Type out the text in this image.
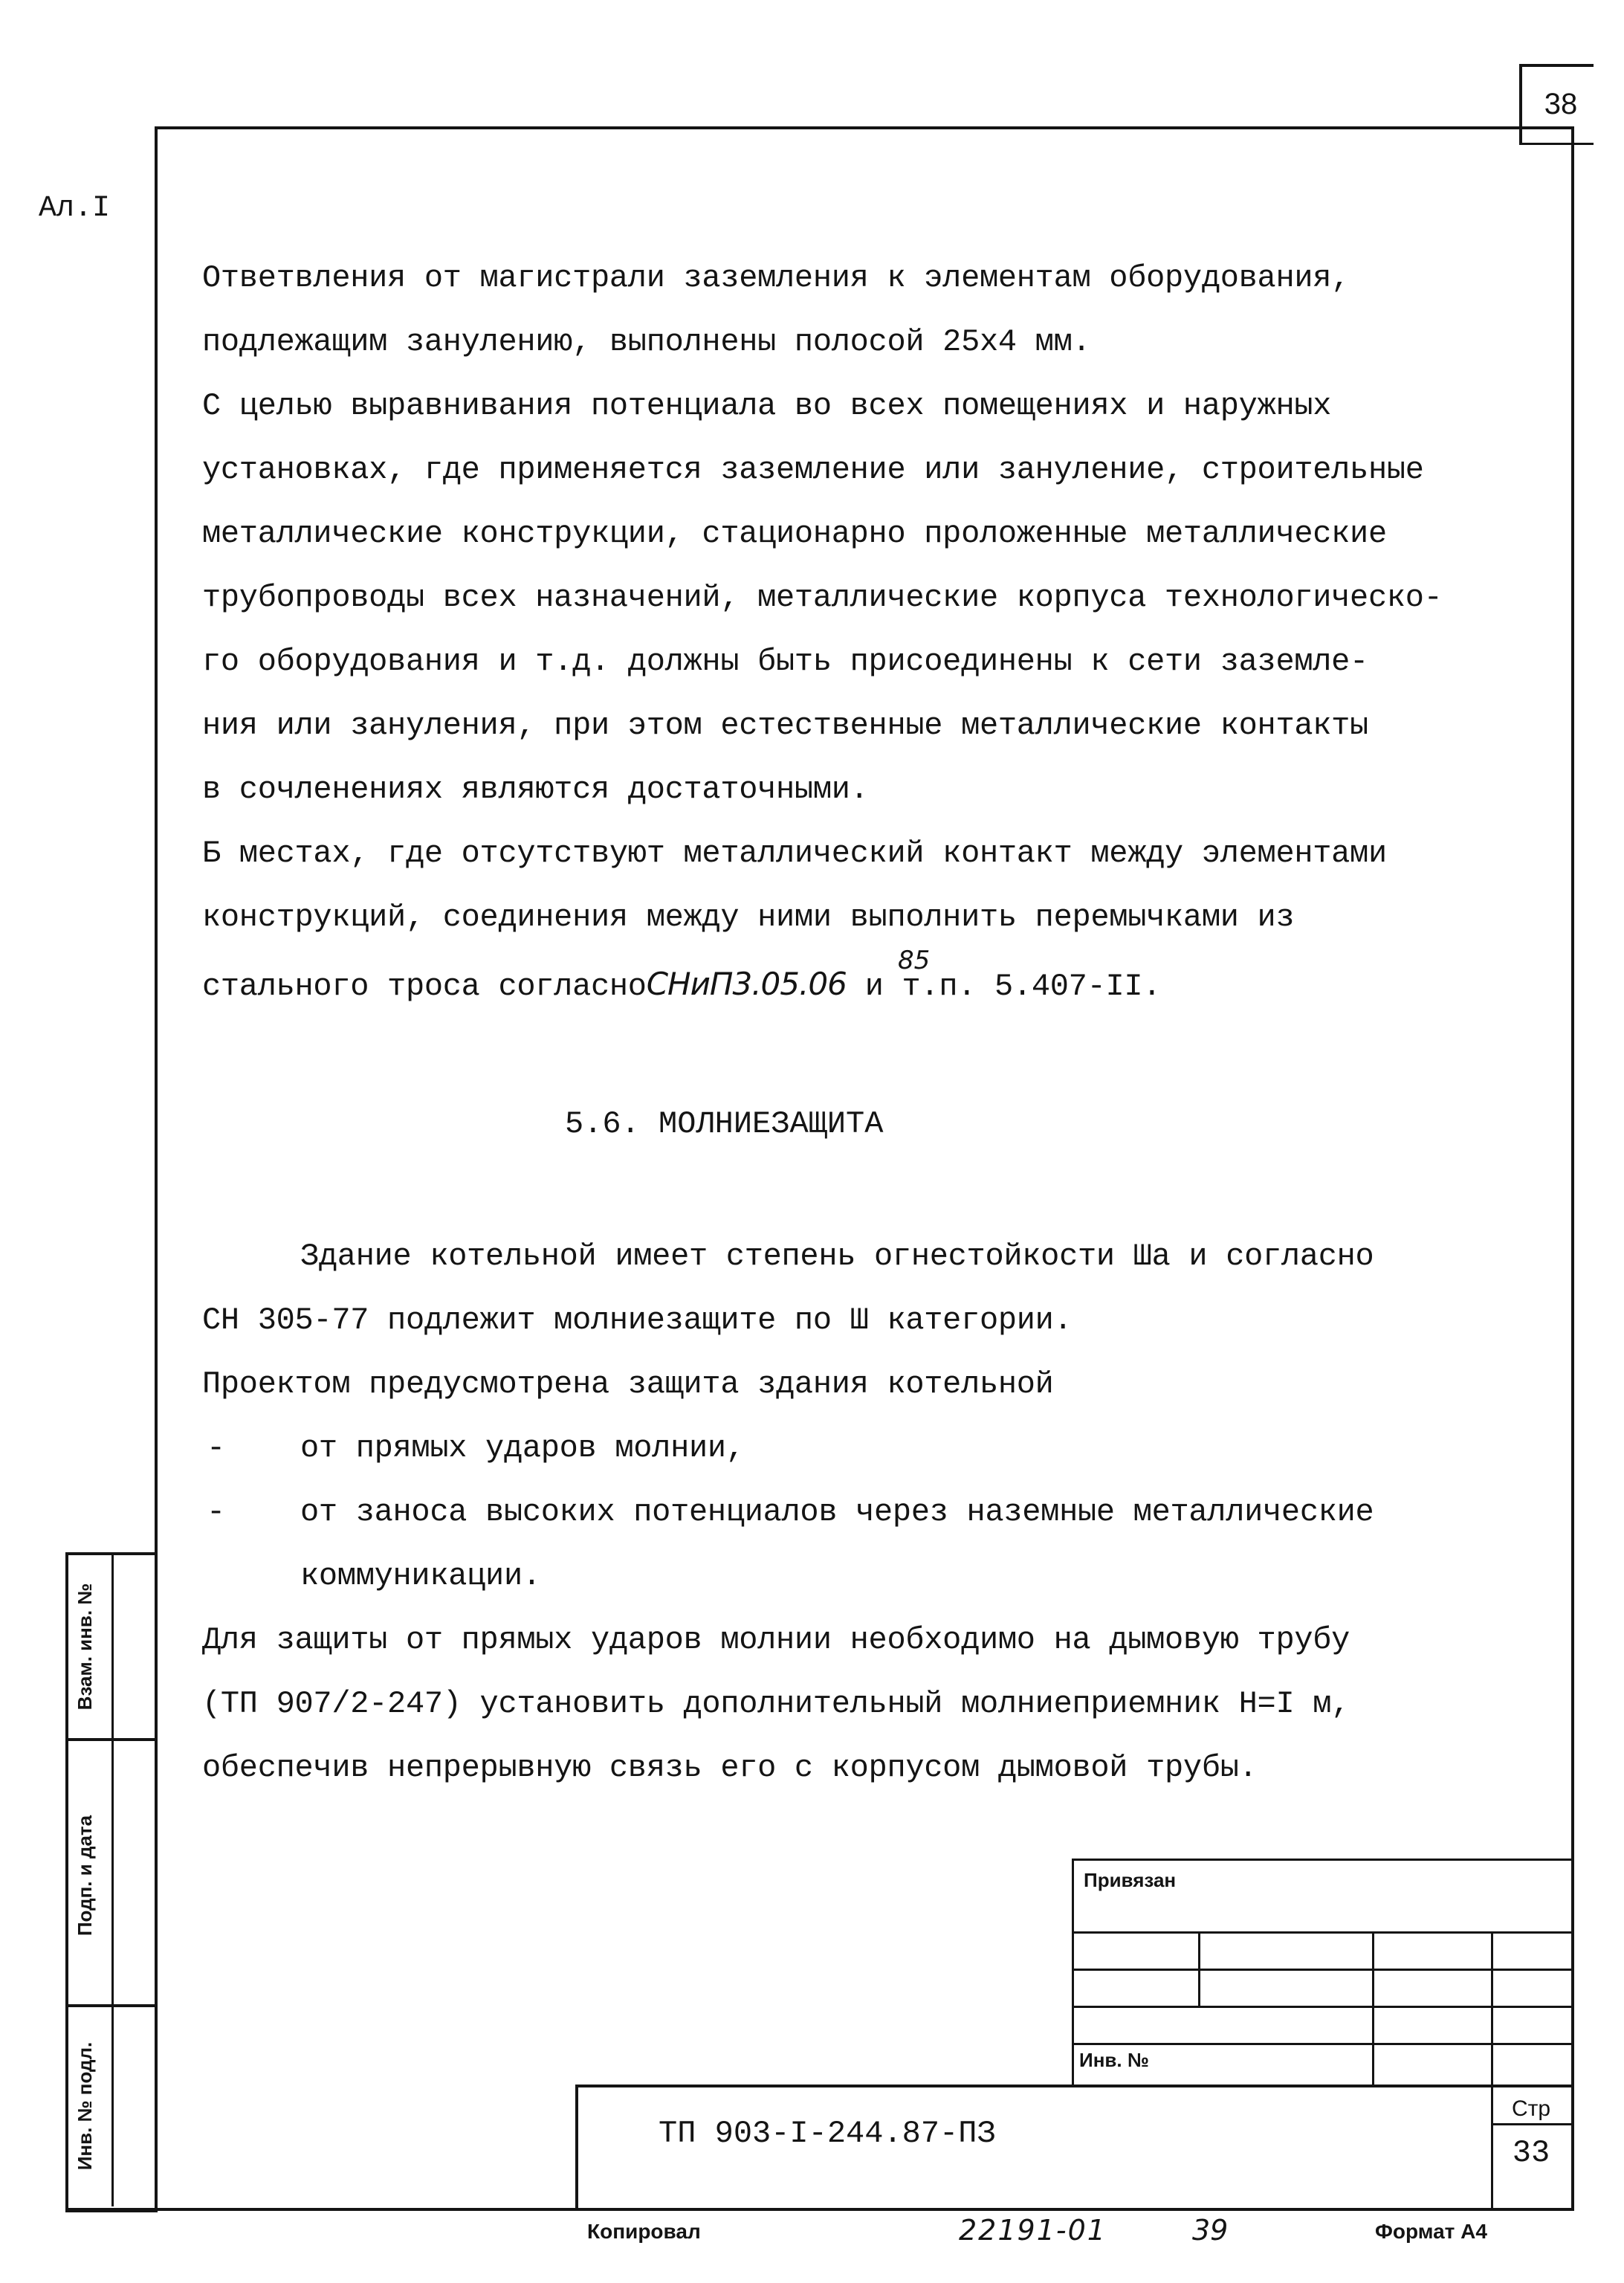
38
Ал.I
Ответвления от магистрали заземления к элементам оборудования,
подлежащим занулению, выполнены полосой 25х4 мм.
С целью выравнивания потенциала во всех помещениях и наружных
установках, где применяется заземление или зануление, строительные
металлические конструкции, стационарно проложенные металлические
трубопроводы всех назначений, металлические корпуса технологическо-
го оборудования и т.д. должны быть присоединены к сети заземле-
ния или зануления, при этом естественные металлические контакты
в сочленениях являются достаточными.
Б местах, где отсутствуют металлический контакт между элементами
конструкций, соединения между ними выполнить перемычками из
стального троса согласноСНиП3.05.06 и т.п. 5.407-II.
85
5.6. МОЛНИЕЗАЩИТА
Здание котельной имеет степень огнестойкости Шa и согласно
СН 305-77 подлежит молниезащите по Ш категории.
Проектом предусмотрена защита здания котельной
- от прямых ударов молнии,
- от заноса высоких потенциалов через наземные металлические
коммуникации.
Для защиты от прямых ударов молнии необходимо на дымовую трубу
(ТП 907/2-247) установить дополнительный молниеприемник Н=I м,
обеспечив непрерывную связь его с корпусом дымовой трубы.
Взам. инв. №
Подп. и дата
Инв. № подл.
Привязан
Инв. №
ТП 903-I-244.87-ПЗ
Стр
33
Копировал	22191-01	39	Формат А4
